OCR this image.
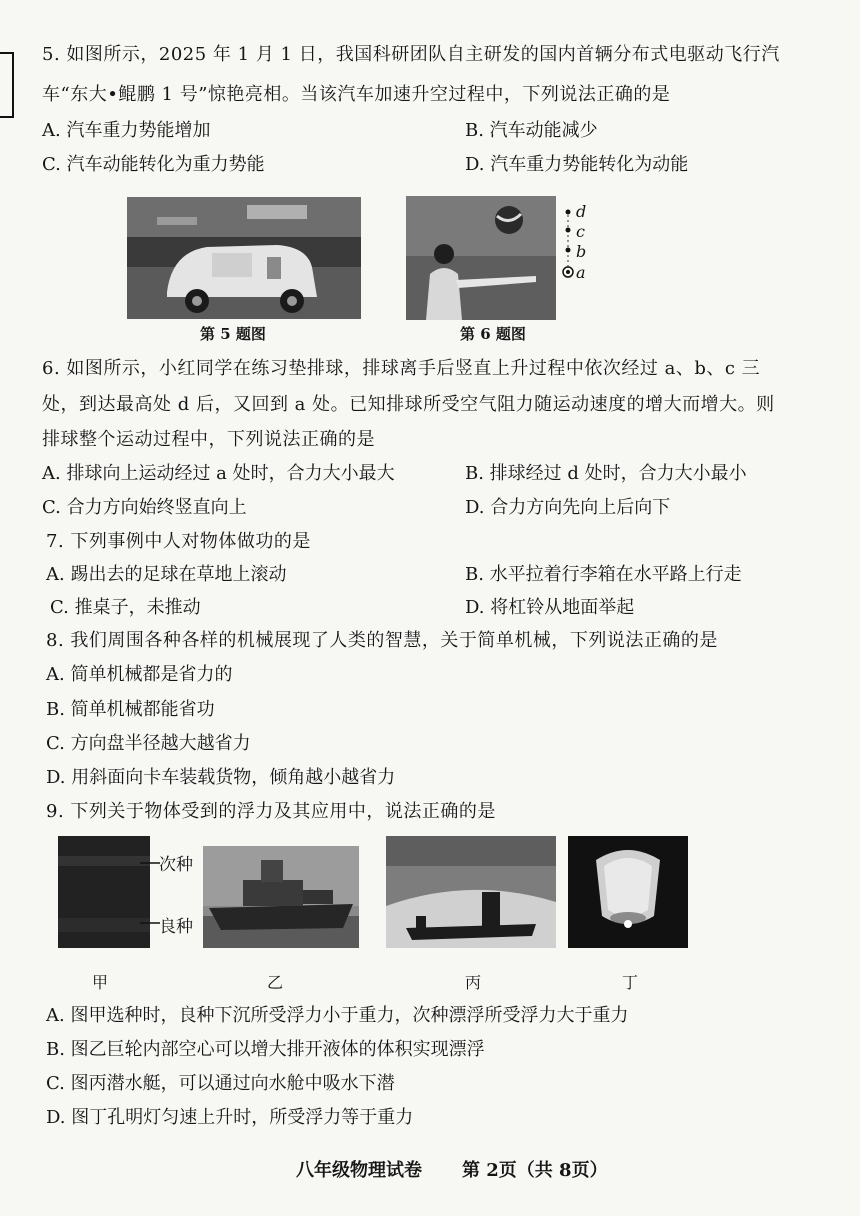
5. 如图所示，2025 年 1 月 1 日，我国科研团队自主研发的国内首辆分布式电驱动飞行汽
车“东大•鲲鹏 1 号”惊艳亮相。当该汽车加速升空过程中，下列说法正确的是
A. 汽车重力势能增加	B. 汽车动能减少
C. 汽车动能转化为重力势能	D. 汽车重力势能转化为动能
第 5 题图
d
c
b
a
第 6 题图
6. 如图所示，小红同学在练习垫排球，排球离手后竖直上升过程中依次经过 a、b、c 三
处，到达最高处 d 后，又回到 a 处。已知排球所受空气阻力随运动速度的增大而增大。则
排球整个运动过程中，下列说法正确的是
A. 排球向上运动经过 a 处时，合力大小最大	B. 排球经过 d 处时，合力大小最小
C. 合力方向始终竖直向上	D. 合力方向先向上后向下
7. 下列事例中人对物体做功的是
A. 踢出去的足球在草地上滚动	B. 水平拉着行李箱在水平路上行走
C. 推桌子，未推动	D. 将杠铃从地面举起
8. 我们周围各种各样的机械展现了人类的智慧，关于简单机械，下列说法正确的是
A. 简单机械都是省力的
B. 简单机械都能省功
C. 方向盘半径越大越省力
D. 用斜面向卡车装载货物，倾角越小越省力
9. 下列关于物体受到的浮力及其应用中，说法正确的是
次种
良种
甲	乙	丙	丁
A. 图甲选种时，良种下沉所受浮力小于重力，次种漂浮所受浮力大于重力
B. 图乙巨轮内部空心可以增大排开液体的体积实现漂浮
C. 图丙潜水艇，可以通过向水舱中吸水下潜
D. 图丁孔明灯匀速上升时，所受浮力等于重力
八年级物理试卷 第 2页（共 8页）
